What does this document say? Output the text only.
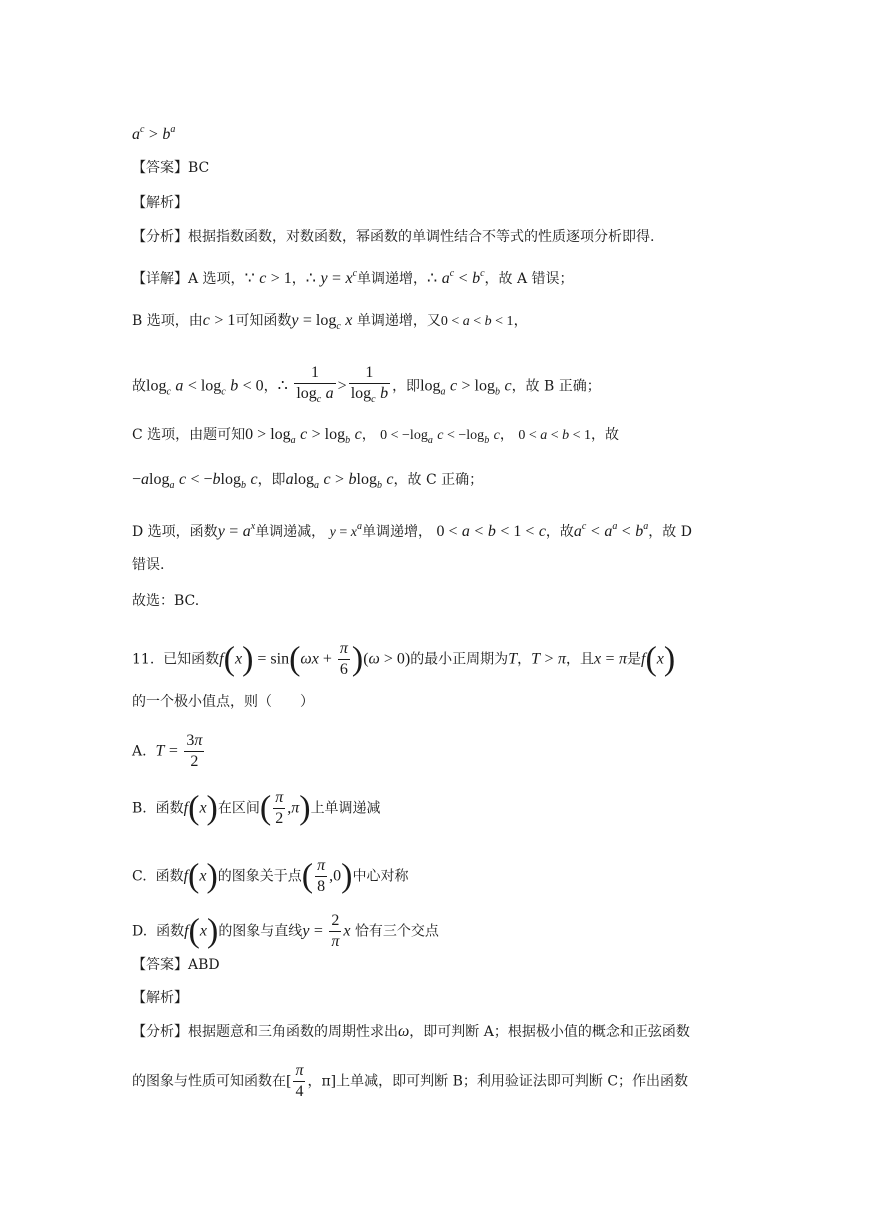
$a^c > b^a$
【答案】BC
【解析】
【分析】根据指数函数，对数函数，幂函数的单调性结合不等式的性质逐项分析即得.
【详解】A 选项，∵ c > 1，∴ $y = x^c$单调递增，∴ $a^c < b^c$，故 A 错误；
B 选项，由c > 1可知函数$y = \log_c x$ 单调递增，又0 < a < b < 1，
故$\log_c a < \log_c b < 0$，∴ $\frac{1}{\log_c a} > \frac{1}{\log_c b}$ ，即$\log_a c > \log_b c$，故 B 正确；
C 选项，由题可知$0 > \log_a c > \log_b c$， $0 < -\log_a$ $c < -\log_b$ c， 0 < a < b < 1，故
−alog$_a$ c < −blog$_b$ c，即alog$_a$ c > blog$_b$ c，故 C 正确；
D 选项，函数$y = a^x$单调递减， $y = x^a$单调递增， 0 < a < b < 1 < c，故$a^c < a^a < b^a$，故 D
错误.
故选：BC.
11. 已知函数$f(x) = \sin(\omega x + \frac{\pi}{6} )(\omega > 0)$的最小正周期为T，T > π，且x = π是f(x)
的一个极小值点，则（　　）
A. $T = \frac{3\pi}{2}$
B. 函数f(x)在区间( $\frac{\pi}{2} ,\pi$)上单调递减
C. 函数f(x)的图象关于点( $\frac{\pi}{8} ,0$)中心对称
D. 函数f(x)的图象与直线$y = \frac{2}{\pi}$ x 恰有三个交点
【答案】ABD
【解析】
【分析】根据题意和三角函数的周期性求出ω，即可判断 A；根据极小值的概念和正弦函数
的图象与性质可知函数在[ $\frac{\pi}{4}$ ，π]上单减，即可判断 B；利用验证法即可判断 C；作出函数
